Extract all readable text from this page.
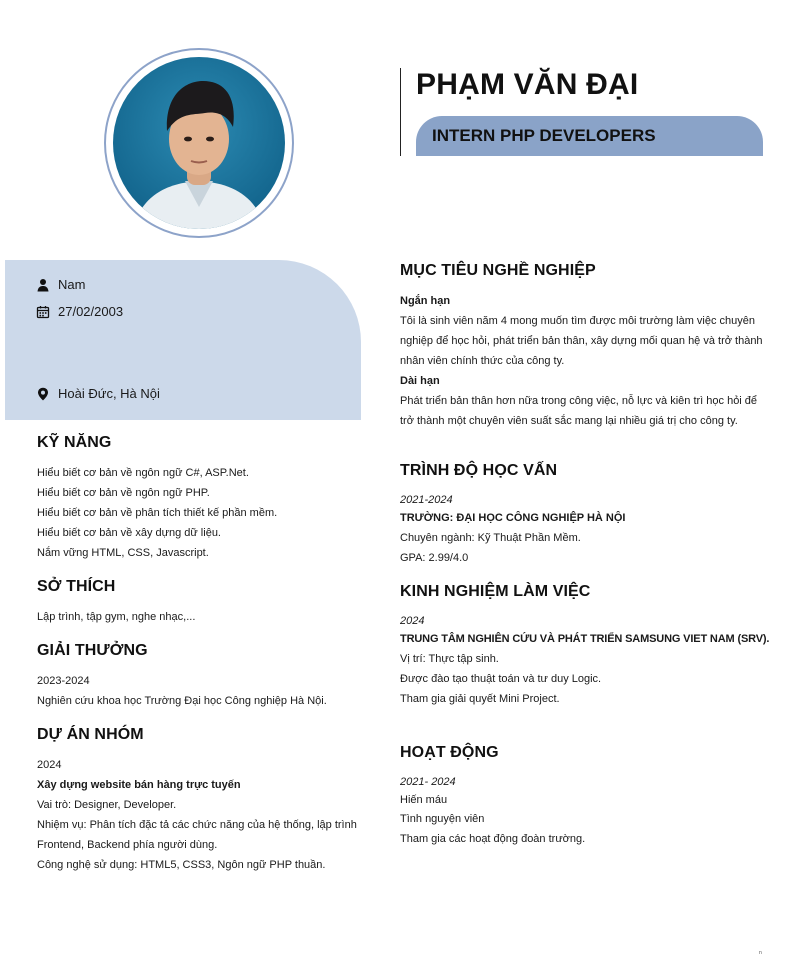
PHẠM VĂN ĐẠI
INTERN PHP DEVELOPERS
Nam
27/02/2003
Hoài Đức, Hà Nội
KỸ NĂNG

Hiểu biết cơ bản về ngôn ngữ C#, ASP.Net.

Hiểu biết cơ bản về ngôn ngữ PHP.

Hiểu biết cơ bản về phân tích thiết kế phần mềm.

Hiểu biết cơ bản về xây dựng dữ liệu.

Nắm vững HTML, CSS, Javascript.

SỞ THÍCH

Lập trình, tập gym, nghe nhạc,...

GIẢI THƯỞNG

2023-2024

Nghiên cứu khoa học Trường Đại học Công nghiệp Hà Nội.

DỰ ÁN NHÓM

2024

Xây dựng website bán hàng trực tuyến

Vai trò: Designer, Developer.

Nhiệm vụ: Phân tích đặc tả các chức năng của hệ thống, lập trình

Frontend, Backend phía người dùng.

Công nghệ sử dụng: HTML5, CSS3, Ngôn ngữ PHP thuần.

MỤC TIÊU NGHỀ NGHIỆP

Ngắn hạn

Tôi là sinh viên năm 4 mong muốn tìm được môi trường làm việc chuyên nghiệp để học hỏi, phát triển bản thân, xây dựng mối quan hệ và trở thành nhân viên chính thức của công ty.

Dài hạn

Phát triển bản thân hơn nữa trong công việc, nỗ lực và kiên trì học hỏi để trở thành một chuyên viên suất sắc mang lại nhiều giá trị cho công ty.

TRÌNH ĐỘ HỌC VẤN

2021-2024

TRƯỜNG: ĐẠI HỌC CÔNG NGHIỆP HÀ NỘI

Chuyên ngành: Kỹ Thuật Phần Mềm.

GPA: 2.99/4.0

KINH NGHIỆM LÀM VIỆC

2024

TRUNG TÂM NGHIÊN CỨU VÀ PHÁT TRIỂN SAMSUNG VIET NAM (SRV).

Vị trí: Thực tập sinh.

Được đào tạo thuật toán và tư duy Logic.

Tham gia giải quyết Mini Project.

HOẠT ĐỘNG

2021- 2024

Hiến máu

Tình nguyện viên

Tham gia các hoạt động đoàn trường.

n
